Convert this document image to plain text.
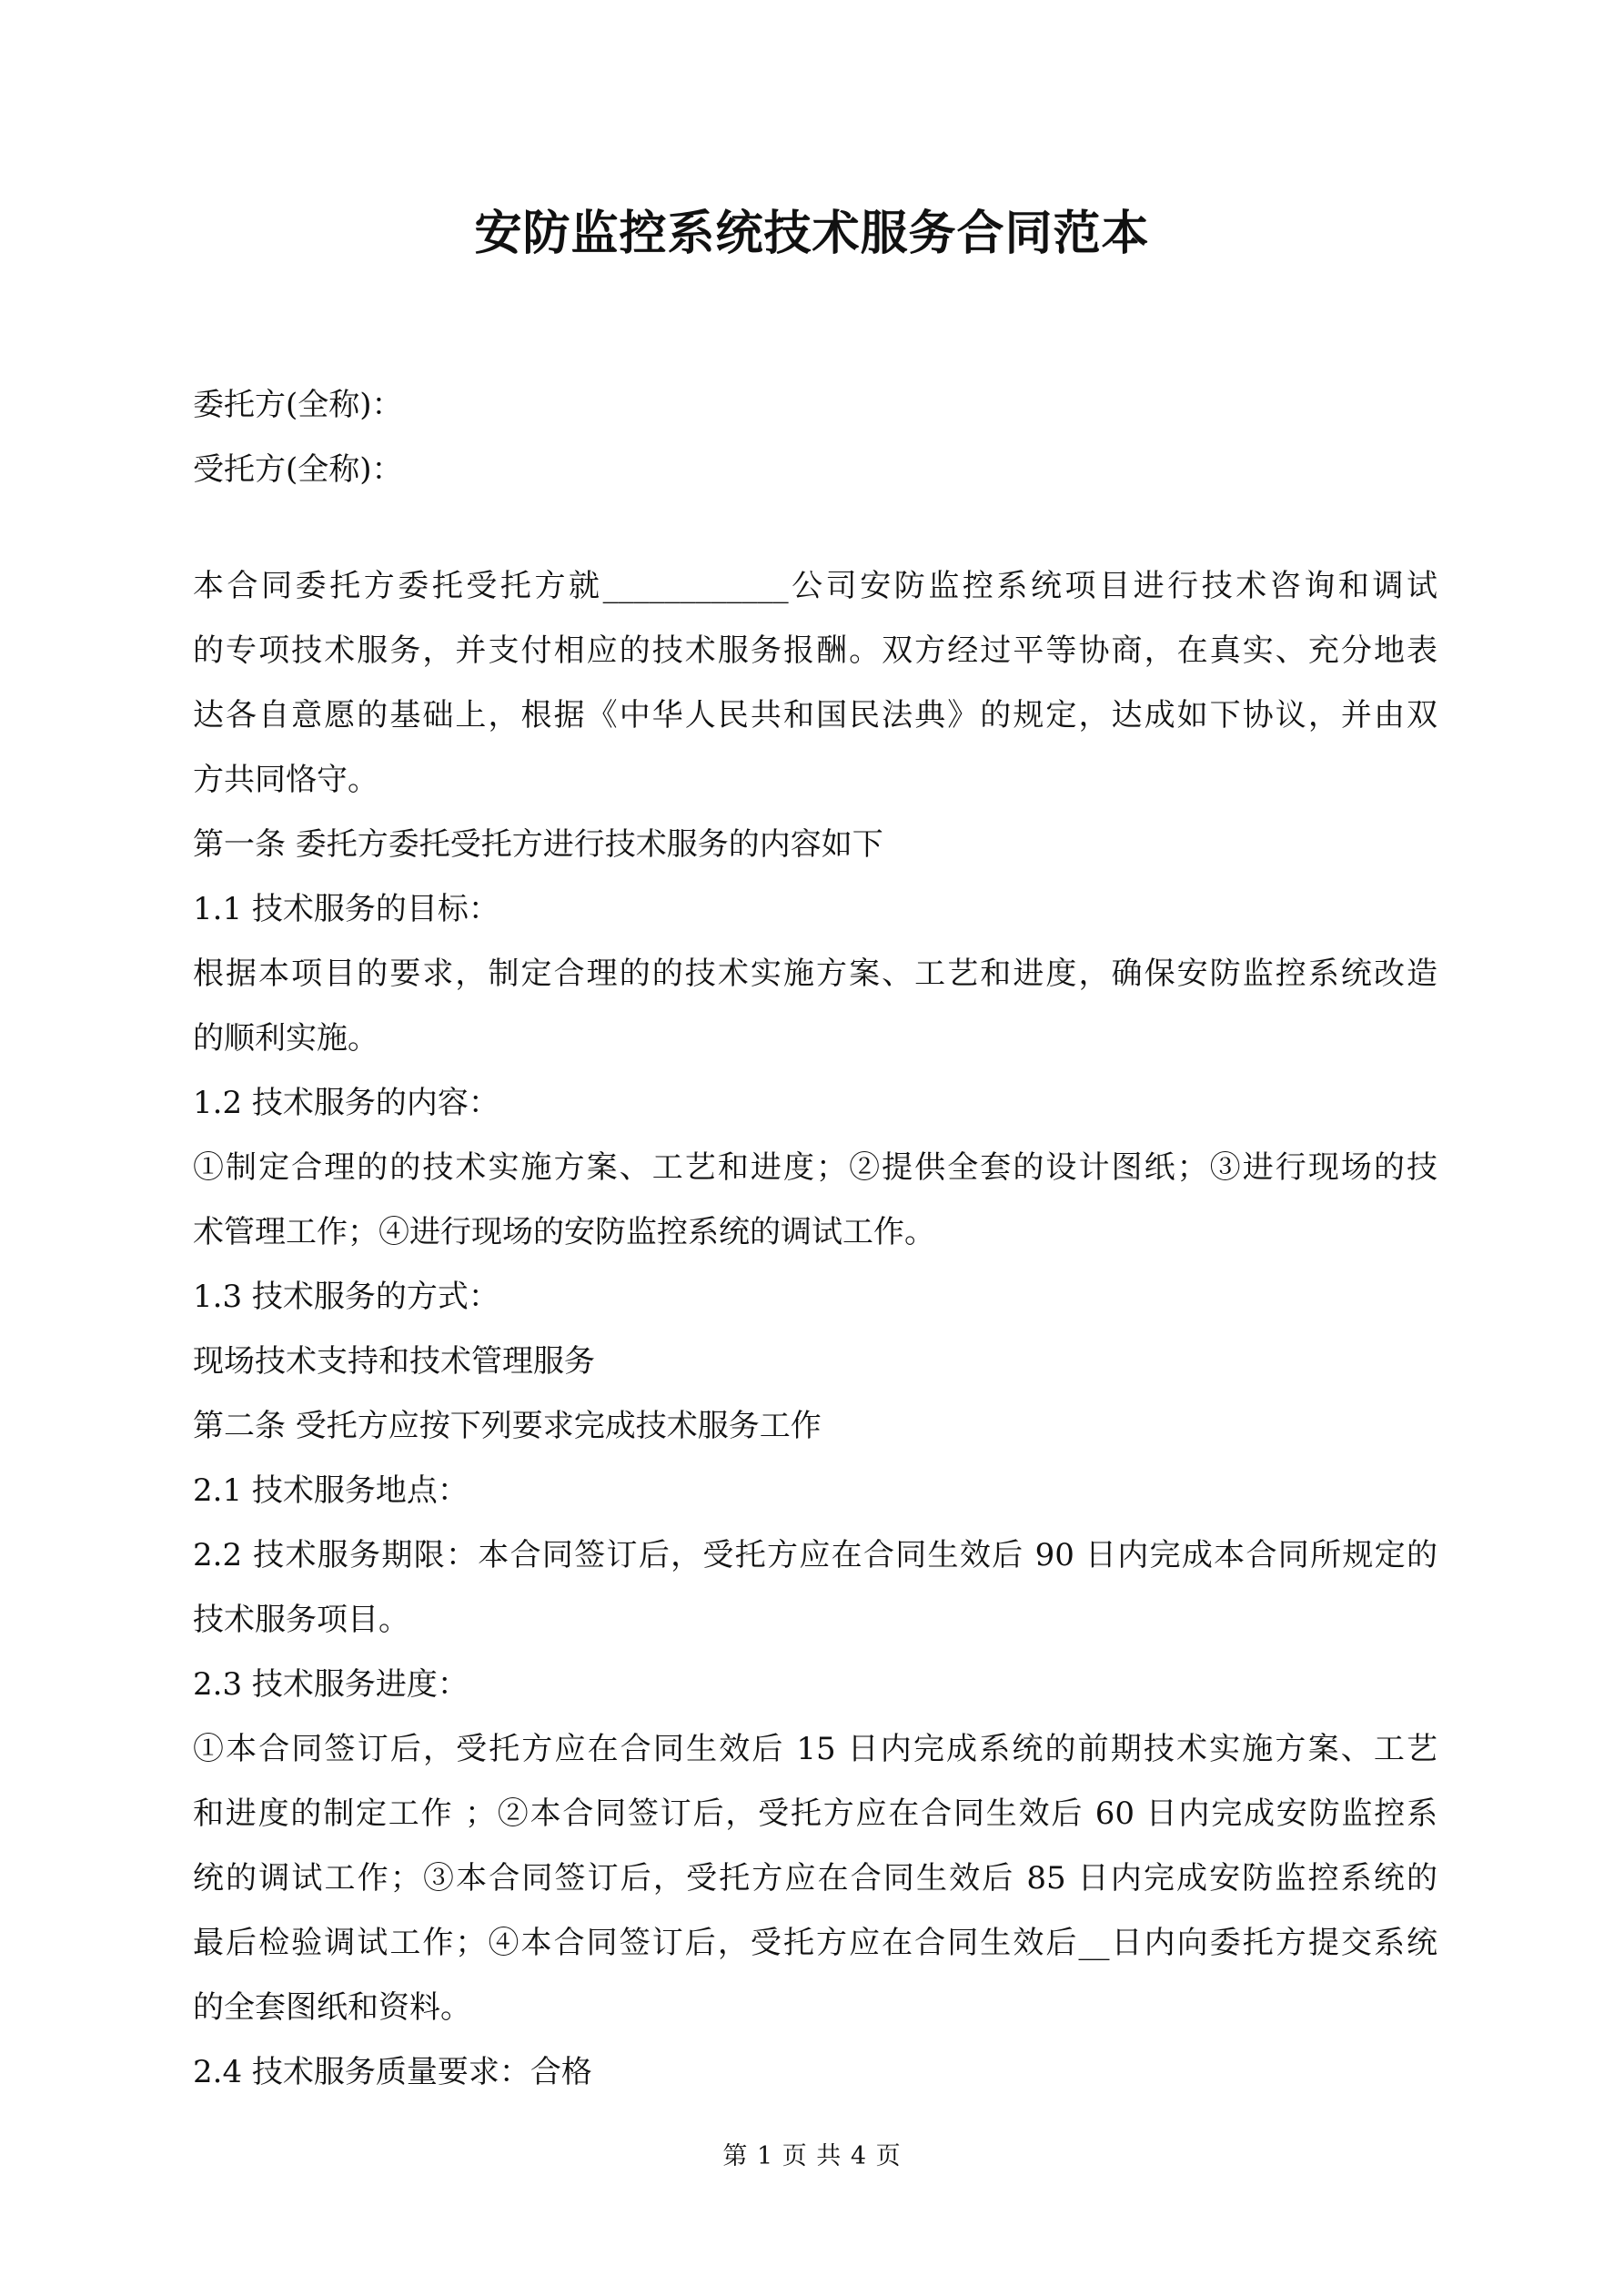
安防监控系统技术服务合同范本
委托方(全称)：
受托方(全称)：
本合同委托方委托受托方就____________公司安防监控系统项目进行技术咨询和调试
的专项技术服务，并支付相应的技术服务报酬。双方经过平等协商，在真实、充分地表
达各自意愿的基础上，根据《中华人民共和国民法典》的规定，达成如下协议，并由双
方共同恪守。
第一条 委托方委托受托方进行技术服务的内容如下
1.1 技术服务的目标：
根据本项目的要求，制定合理的的技术实施方案、工艺和进度，确保安防监控系统改造
的顺利实施。
1.2 技术服务的内容：
①制定合理的的技术实施方案、工艺和进度；②提供全套的设计图纸；③进行现场的技
术管理工作；④进行现场的安防监控系统的调试工作。
1.3 技术服务的方式：
现场技术支持和技术管理服务
第二条 受托方应按下列要求完成技术服务工作
2.1 技术服务地点：
2.2 技术服务期限：本合同签订后，受托方应在合同生效后 90 日内完成本合同所规定的
技术服务项目。
2.3 技术服务进度：
①本合同签订后，受托方应在合同生效后 15 日内完成系统的前期技术实施方案、工艺
和进度的制定工作 ；②本合同签订后，受托方应在合同生效后 60 日内完成安防监控系
统的调试工作；③本合同签订后，受托方应在合同生效后 85 日内完成安防监控系统的
最后检验调试工作；④本合同签订后，受托方应在合同生效后__日内向委托方提交系统
的全套图纸和资料。
2.4 技术服务质量要求：合格
第 1 页 共 4 页
